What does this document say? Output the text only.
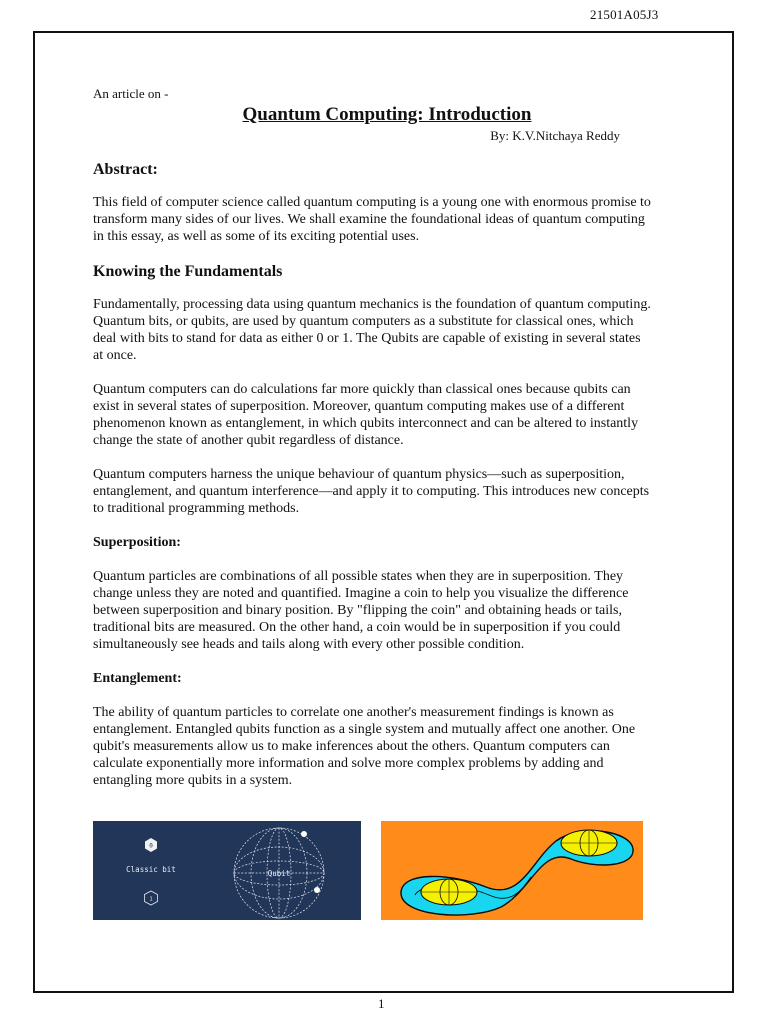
21501A05J3

An article on -

Quantum Computing: Introduction

By: K.V.Nitchaya Reddy

Abstract:

This field of computer science called quantum computing is a young one with enormous promise to transform many sides of our lives. We shall examine the foundational ideas of quantum computing in this essay, as well as some of its exciting potential uses.

Knowing the Fundamentals

Fundamentally, processing data using quantum mechanics is the foundation of quantum computing. Quantum bits, or qubits, are used by quantum computers as a substitute for classical ones, which deal with bits to stand for data as either 0 or 1. The Qubits are capable of existing in several states at once.

Quantum computers can do calculations far more quickly than classical ones because qubits can exist in several states of superposition. Moreover, quantum computing makes use of a different phenomenon known as entanglement, in which qubits interconnect and can be altered to instantly change the state of another qubit regardless of distance.

Quantum computers harness the unique behaviour of quantum physics—such as superposition, entanglement, and quantum interference—and apply it to computing. This introduces new concepts to traditional programming methods.

Superposition:

Quantum particles are combinations of all possible states when they are in superposition. They change unless they are noted and quantified. Imagine a coin to help you visualize the difference between superposition and binary position. By "flipping the coin" and obtaining heads or tails, traditional bits are measured. On the other hand, a coin would be in superposition if you could simultaneously see heads and tails along with every other possible condition.

Entanglement:

The ability of quantum particles to correlate one another's measurement findings is known as entanglement. Entangled qubits function as a single system and mutually affect one another. One qubit's measurements allow us to make inferences about the others. Quantum computers can calculate exponentially more information and solve more complex problems by adding and entangling more qubits in a system.

0
Classic bit
1
Qubit
1
